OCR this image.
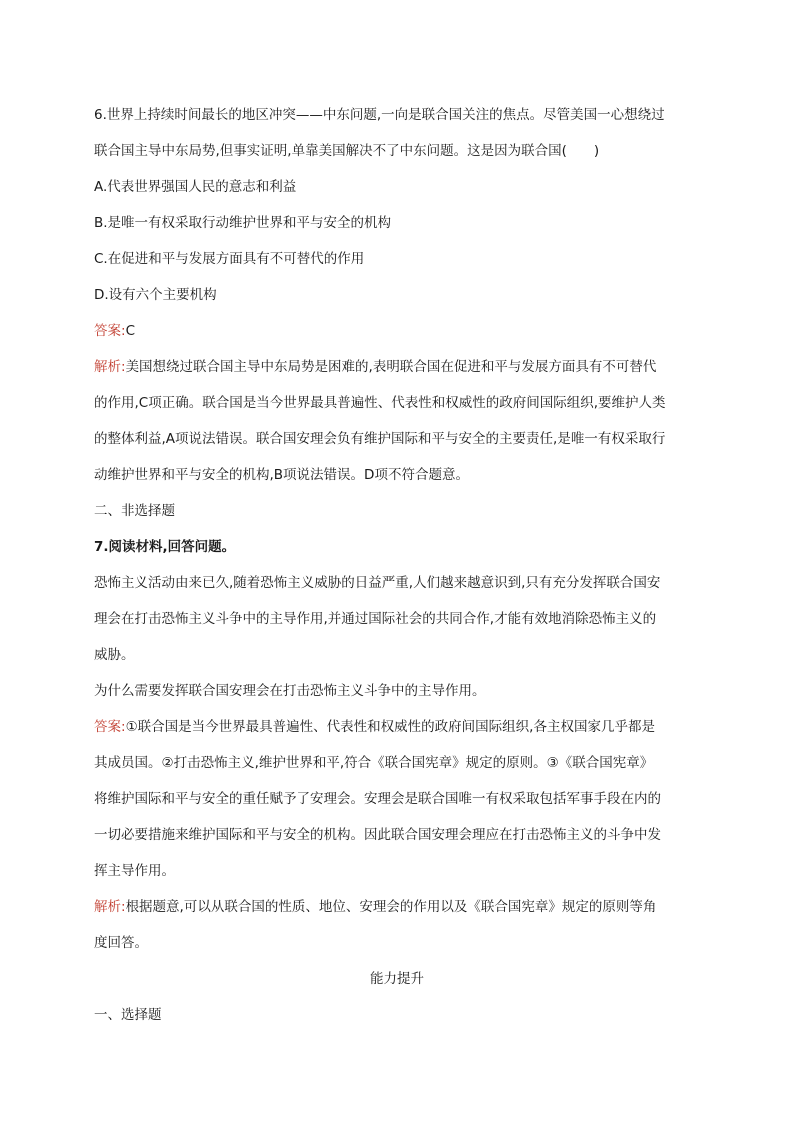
6.世界上持续时间最长的地区冲突——中东问题,一向是联合国关注的焦点。尽管美国一心想绕过
联合国主导中东局势,但事实证明,单靠美国解决不了中东问题。这是因为联合国(　　)
A.代表世界强国人民的意志和利益
B.是唯一有权采取行动维护世界和平与安全的机构
C.在促进和平与发展方面具有不可替代的作用
D.设有六个主要机构
答案:C
解析:美国想绕过联合国主导中东局势是困难的,表明联合国在促进和平与发展方面具有不可替代
的作用,C项正确。联合国是当今世界最具普遍性、代表性和权威性的政府间国际组织,要维护人类
的整体利益,A项说法错误。联合国安理会负有维护国际和平与安全的主要责任,是唯一有权采取行
动维护世界和平与安全的机构,B项说法错误。D项不符合题意。
二、非选择题
7.阅读材料,回答问题。
恐怖主义活动由来已久,随着恐怖主义威胁的日益严重,人们越来越意识到,只有充分发挥联合国安
理会在打击恐怖主义斗争中的主导作用,并通过国际社会的共同合作,才能有效地消除恐怖主义的
威胁。
为什么需要发挥联合国安理会在打击恐怖主义斗争中的主导作用。
答案:①联合国是当今世界最具普遍性、代表性和权威性的政府间国际组织,各主权国家几乎都是
其成员国。②打击恐怖主义,维护世界和平,符合《联合国宪章》规定的原则。③《联合国宪章》
将维护国际和平与安全的重任赋予了安理会。安理会是联合国唯一有权采取包括军事手段在内的
一切必要措施来维护国际和平与安全的机构。因此联合国安理会理应在打击恐怖主义的斗争中发
挥主导作用。
解析:根据题意,可以从联合国的性质、地位、安理会的作用以及《联合国宪章》规定的原则等角
度回答。
能力提升
一、选择题
